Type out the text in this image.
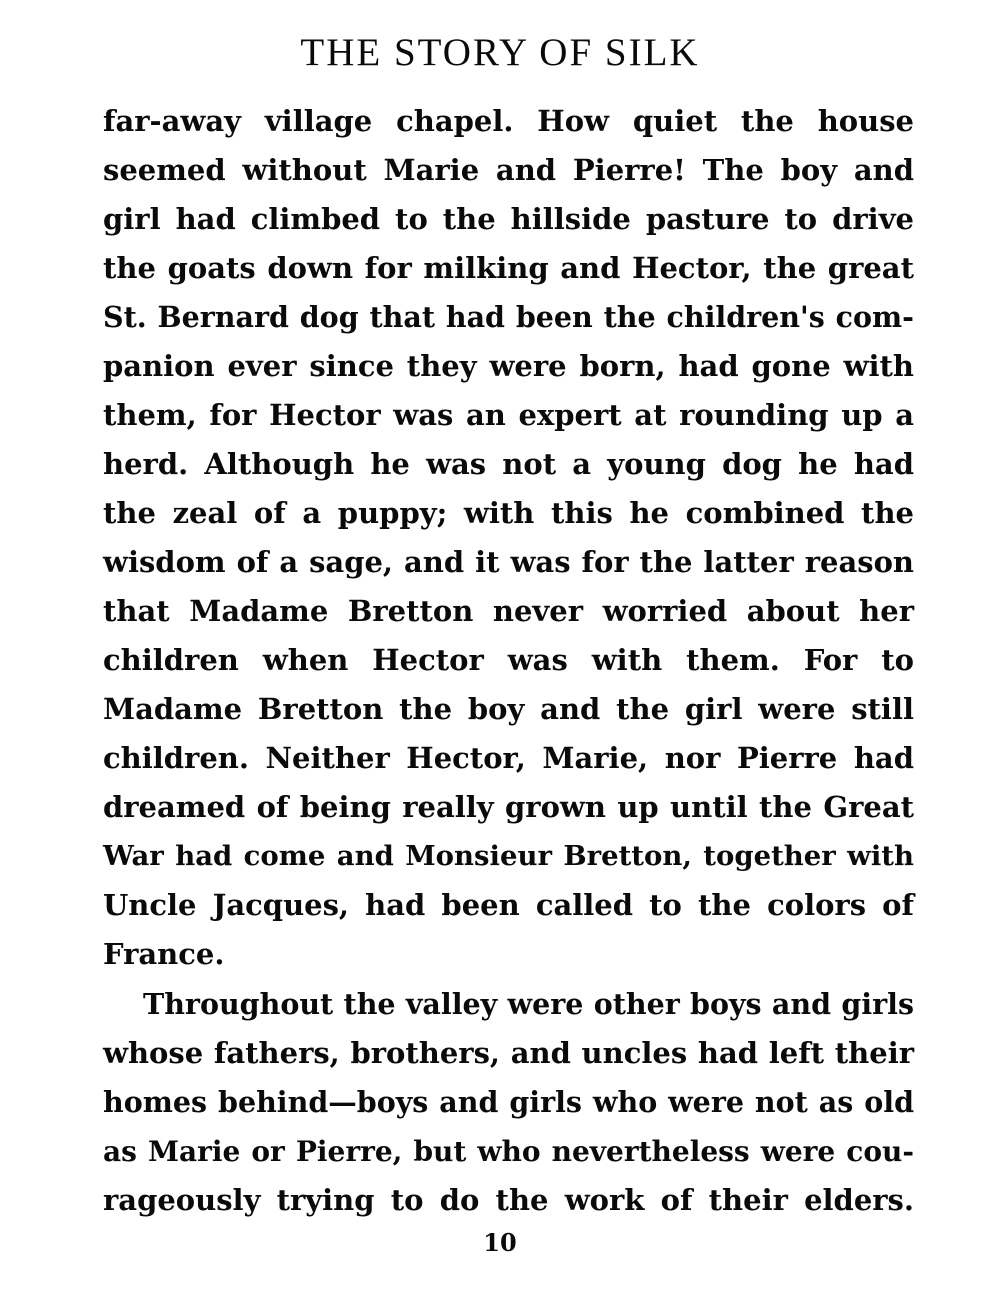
THE STORY OF SILK
far-away village chapel. How quiet the house
seemed without Marie and Pierre! The boy and
girl had climbed to the hillside pasture to drive
the goats down for milking and Hector, the great
St. Bernard dog that had been the children's com-
panion ever since they were born, had gone with
them, for Hector was an expert at rounding up a
herd. Although he was not a young dog he had
the zeal of a puppy; with this he combined the
wisdom of a sage, and it was for the latter reason
that Madame Bretton never worried about her
children when Hector was with them. For to
Madame Bretton the boy and the girl were still
children. Neither Hector, Marie, nor Pierre had
dreamed of being really grown up until the Great
War had come and Monsieur Bretton, together with
Uncle Jacques, had been called to the colors of
France.
Throughout the valley were other boys and girls
whose fathers, brothers, and uncles had left their
homes behind—boys and girls who were not as old
as Marie or Pierre, but who nevertheless were cou-
rageously trying to do the work of their elders.
10
